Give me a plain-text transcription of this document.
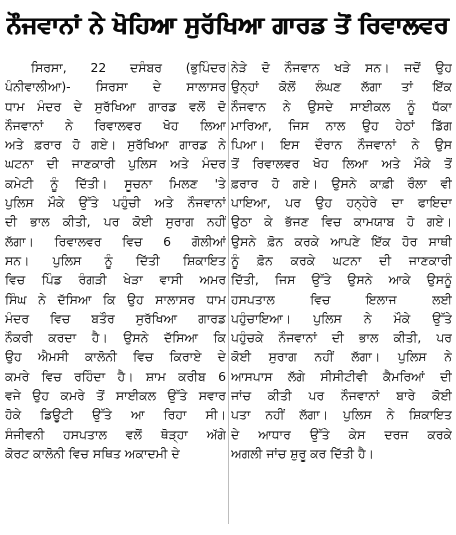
ਨੌਜਵਾਨਾਂ ਨੇ ਖੋਹਿਆ ਸੁਰੱਖਿਆ ਗਾਰਡ ਤੋਂ ਰਿਵਾਲਵਰ
ਸਿਰਸਾ, 22 ਦਸੰਬਰ (ਭੁਪਿੰਦਰ
ਪੰਨੀਵਾਲੀਆ)- ਸਿਰਸਾ ਦੇ ਸਾਲਾਸਰ
ਧਾਮ ਮੰਦਰ ਦੇ ਸੁਰੱਖਿਆ ਗਾਰਡ ਵਲੋਂ ਦੋ
ਨੌਜਵਾਨਾਂ ਨੇ ਰਿਵਾਲਵਰ ਖੋਹ ਲਿਆ
ਅਤੇ ਫ਼ਰਾਰ ਹੋ ਗਏ। ਸੁਰੱਖਿਆ ਗਾਰਡ ਨੇ
ਘਟਨਾ ਦੀ ਜਾਣਕਾਰੀ ਪੁਲਿਸ ਅਤੇ ਮੰਦਰ
ਕਮੇਟੀ ਨੂੰ ਦਿੱਤੀ। ਸੂਚਨਾ ਮਿਲਣ 'ਤੇ
ਪੁਲਿਸ ਮੌਕੇ ਉੱਤੇ ਪਹੁੰਚੀ ਅਤੇ ਨੌਜਵਾਨਾਂ
ਦੀ ਭਾਲ ਕੀਤੀ, ਪਰ ਕੋਈ ਸੁਰਾਗ ਨਹੀਂ
ਲੱਗਾ। ਰਿਵਾਲਵਰ ਵਿਚ 6 ਗੋਲੀਆਂ
ਸਨ। ਪੁਲਿਸ ਨੂੰ ਦਿੱਤੀ ਸ਼ਿਕਾਇਤ
ਵਿਚ ਪਿੰਡ ਰੰਗੜੀ ਖੇੜਾ ਵਾਸੀ ਅਮਰ
ਸਿੰਘ ਨੇ ਦੱਸਿਆ ਕਿ ਉਹ ਸਾਲਾਸਰ ਧਾਮ
ਮੰਦਰ ਵਿਚ ਬਤੌਰ ਸੁਰੱਖਿਆ ਗਾਰਡ
ਨੌਕਰੀ ਕਰਦਾ ਹੈ। ਉਸਨੇ ਦੱਸਿਆ ਕਿ
ਉਹ ਐਮਸੀ ਕਾਲੋਨੀ ਵਿਚ ਕਿਰਾਏ ਦੇ
ਕਮਰੇ ਵਿਚ ਰਹਿੰਦਾ ਹੈ। ਸ਼ਾਮ ਕਰੀਬ 6
ਵਜੇ ਉਹ ਕਮਰੇ ਤੋਂ ਸਾਈਕਲ ਉੱਤੇ ਸਵਾਰ
ਹੋਕੇ ਡਿਊਟੀ ਉੱਤੇ ਆ ਰਿਹਾ ਸੀ।
ਸੰਜੀਵਨੀ ਹਸਪਤਾਲ ਵਲੋਂ ਥੋੜ੍ਹਾ ਅੱਗੇ
ਕੋਰਟ ਕਾਲੋਨੀ ਵਿਚ ਸਥਿਤ ਅਕਾਦਮੀ ਦੇ
ਨੇੜੇ ਦੋ ਨੌਜਵਾਨ ਖੜੇ ਸਨ। ਜਦੋਂ ਉਹ
ਉਨ੍ਹਾਂ ਕੋਲੋਂ ਲੰਘਣ ਲੱਗਾ ਤਾਂ ਇੱਕ
ਨੌਜਵਾਨ ਨੇ ਉਸਦੇ ਸਾਈਕਲ ਨੂੰ ਧੱਕਾ
ਮਾਰਿਆ, ਜਿਸ ਨਾਲ ਉਹ ਹੇਠਾਂ ਡਿੱਗ
ਪਿਆ। ਇਸ ਦੌਰਾਨ ਨੌਜਵਾਨਾਂ ਨੇ ਉਸ
ਤੋਂ ਰਿਵਾਲਵਰ ਖੋਹ ਲਿਆ ਅਤੇ ਮੌਕੇ ਤੋਂ
ਫ਼ਰਾਰ ਹੋ ਗਏ। ਉਸਨੇ ਕਾਫ਼ੀ ਰੌਲਾ ਵੀ
ਪਾਇਆ, ਪਰ ਉਹ ਹਨ੍ਹੇਰੇ ਦਾ ਫਾਇਦਾ
ਉਠਾ ਕੇ ਭੱਜਣ ਵਿਚ ਕਾਮਯਾਬ ਹੋ ਗਏ।
ਉਸਨੇ ਫ਼ੋਨ ਕਰਕੇ ਆਪਣੇ ਇੱਕ ਹੋਰ ਸਾਥੀ
ਨੂੰ ਫ਼ੋਨ ਕਰਕੇ ਘਟਨਾ ਦੀ ਜਾਣਕਾਰੀ
ਦਿੱਤੀ, ਜਿਸ ਉੱਤੇ ਉਸਨੇ ਆਕੇ ਉਸਨੂੰ
ਹਸਪਤਾਲ ਵਿਚ ਇਲਾਜ ਲਈ
ਪਹੁੰਚਾਇਆ। ਪੁਲਿਸ ਨੇ ਮੌਕੇ ਉੱਤੇ
ਪਹੁੰਚਕੇ ਨੌਜਵਾਨਾਂ ਦੀ ਭਾਲ ਕੀਤੀ, ਪਰ
ਕੋਈ ਸੁਰਾਗ ਨਹੀਂ ਲੱਗਾ। ਪੁਲਿਸ ਨੇ
ਆਸਪਾਸ ਲੱਗੇ ਸੀਸੀਟੀਵੀ ਕੈਮਰਿਆਂ ਦੀ
ਜਾਂਚ ਕੀਤੀ ਪਰ ਨੌਜਵਾਨਾਂ ਬਾਰੇ ਕੋਈ
ਪਤਾ ਨਹੀਂ ਲੱਗਾ। ਪੁਲਿਸ ਨੇ ਸ਼ਿਕਾਇਤ
ਦੇ ਆਧਾਰ ਉੱਤੇ ਕੇਸ ਦਰਜ ਕਰਕੇ
ਅਗਲੀ ਜਾਂਚ ਸ਼ੁਰੂ ਕਰ ਦਿੱਤੀ ਹੈ।
